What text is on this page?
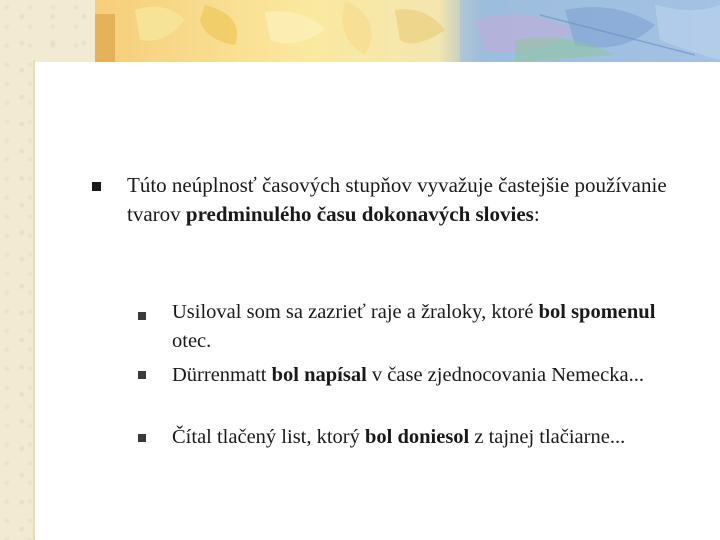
Túto neúplnosť časových stupňov vyvažuje častejšie používanie tvarov predminulého času dokonavých slovies:
Usiloval som sa zazrieť raje a žraloky, ktoré bol spomenul otec.
Dürrenmatt bol napísal v čase zjednocovania Nemecka...
Čítal tlačený list, ktorý bol doniesol z tajnej tlačiarne...
